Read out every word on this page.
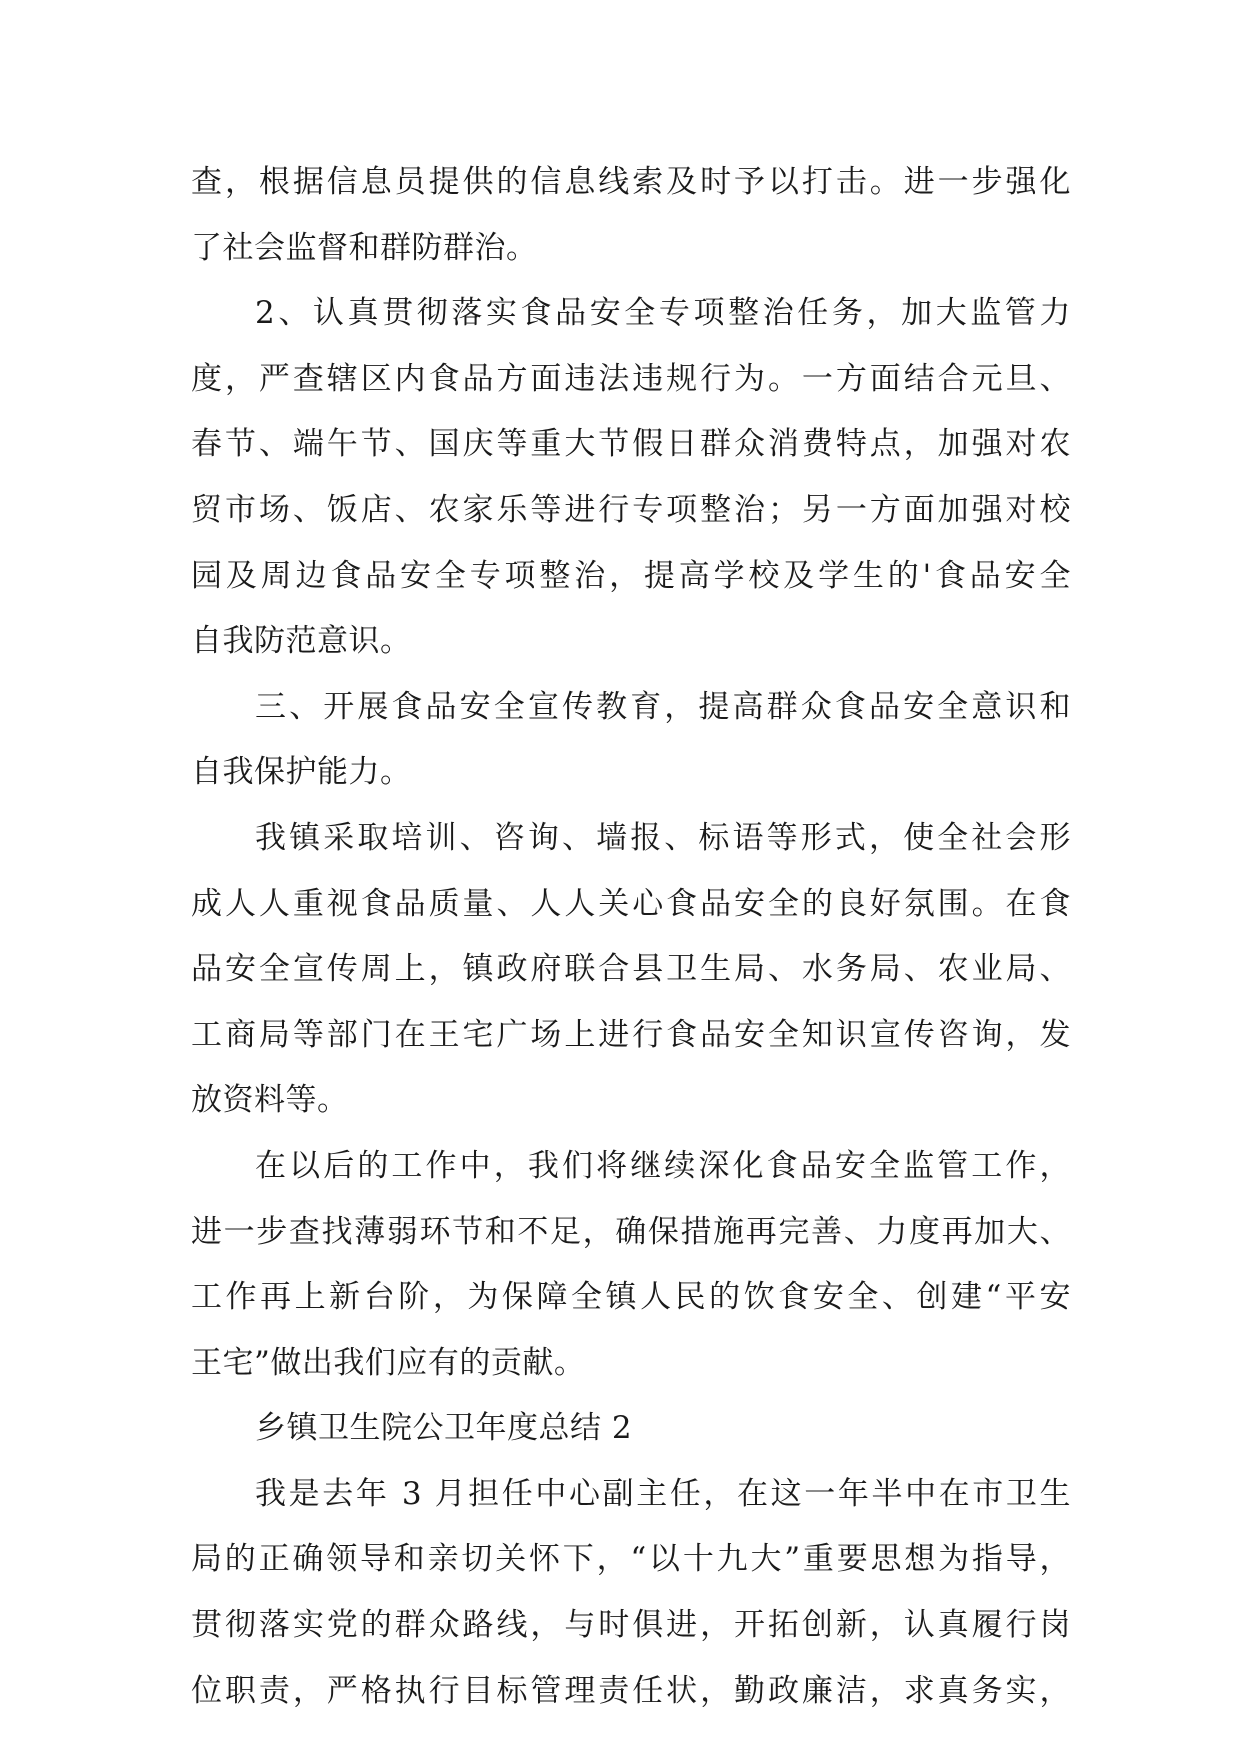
查，根据信息员提供的信息线索及时予以打击。进一步强化
了社会监督和群防群治。
2、认真贯彻落实食品安全专项整治任务，加大监管力
度，严查辖区内食品方面违法违规行为。一方面结合元旦、
春节、端午节、国庆等重大节假日群众消费特点，加强对农
贸市场、饭店、农家乐等进行专项整治；另一方面加强对校
园及周边食品安全专项整治，提高学校及学生的'食品安全
自我防范意识。
三、开展食品安全宣传教育，提高群众食品安全意识和
自我保护能力。
我镇采取培训、咨询、墙报、标语等形式，使全社会形
成人人重视食品质量、人人关心食品安全的良好氛围。在食
品安全宣传周上，镇政府联合县卫生局、水务局、农业局、
工商局等部门在王宅广场上进行食品安全知识宣传咨询，发
放资料等。
在以后的工作中，我们将继续深化食品安全监管工作，
进一步查找薄弱环节和不足，确保措施再完善、力度再加大、
工作再上新台阶，为保障全镇人民的饮食安全、创建“平安
王宅”做出我们应有的贡献。
乡镇卫生院公卫年度总结 2
我是去年 3 月担任中心副主任，在这一年半中在市卫生
局的正确领导和亲切关怀下，“以十九大”重要思想为指导，
贯彻落实党的群众路线，与时俱进，开拓创新，认真履行岗
位职责，严格执行目标管理责任状，勤政廉洁，求真务实，
